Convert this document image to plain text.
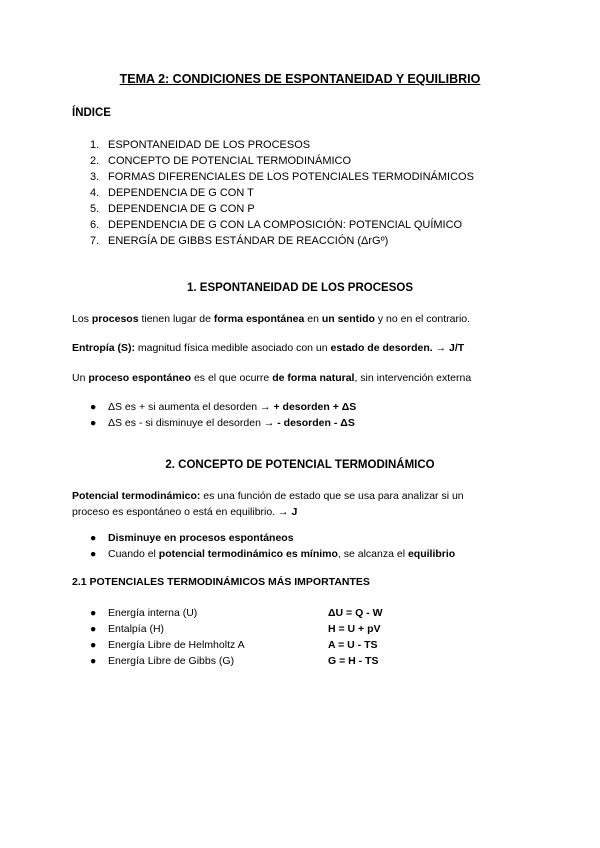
TEMA 2: CONDICIONES DE ESPONTANEIDAD Y EQUILIBRIO
ÍNDICE
1. ESPONTANEIDAD DE LOS PROCESOS
2. CONCEPTO DE POTENCIAL TERMODINÁMICO
3. FORMAS DIFERENCIALES DE LOS POTENCIALES TERMODINÁMICOS
4. DEPENDENCIA DE G CON T
5. DEPENDENCIA DE G CON P
6. DEPENDENCIA DE G CON LA COMPOSICIÓN: POTENCIAL QUÍMICO
7. ENERGÍA DE GIBBS ESTÁNDAR DE REACCIÓN (ΔrGº)
1. ESPONTANEIDAD DE LOS PROCESOS
Los procesos tienen lugar de forma espontánea en un sentido y no en el contrario.
Entropía (S): magnitud física medible asociado con un estado de desorden. → J/T
Un proceso espontáneo es el que ocurre de forma natural, sin intervención externa
● ΔS es + si aumenta el desorden → + desorden + ΔS
● ΔS es - si disminuye el desorden → - desorden - ΔS
2. CONCEPTO DE POTENCIAL TERMODINÁMICO
Potencial termodinámico: es una función de estado que se usa para analizar si un
proceso es espontáneo o está en equilibrio. → J
● Disminuye en procesos espontáneos
● Cuando el potencial termodinámico es mínimo, se alcanza el equilibrio
2.1 POTENCIALES TERMODINÁMICOS MÁS IMPORTANTES
● Energía interna (U)	ΔU = Q - W
● Entalpía (H)	H = U + pV
● Energía Libre de Helmholtz A	A = U - TS
● Energía Libre de Gibbs (G)	G = H - TS
